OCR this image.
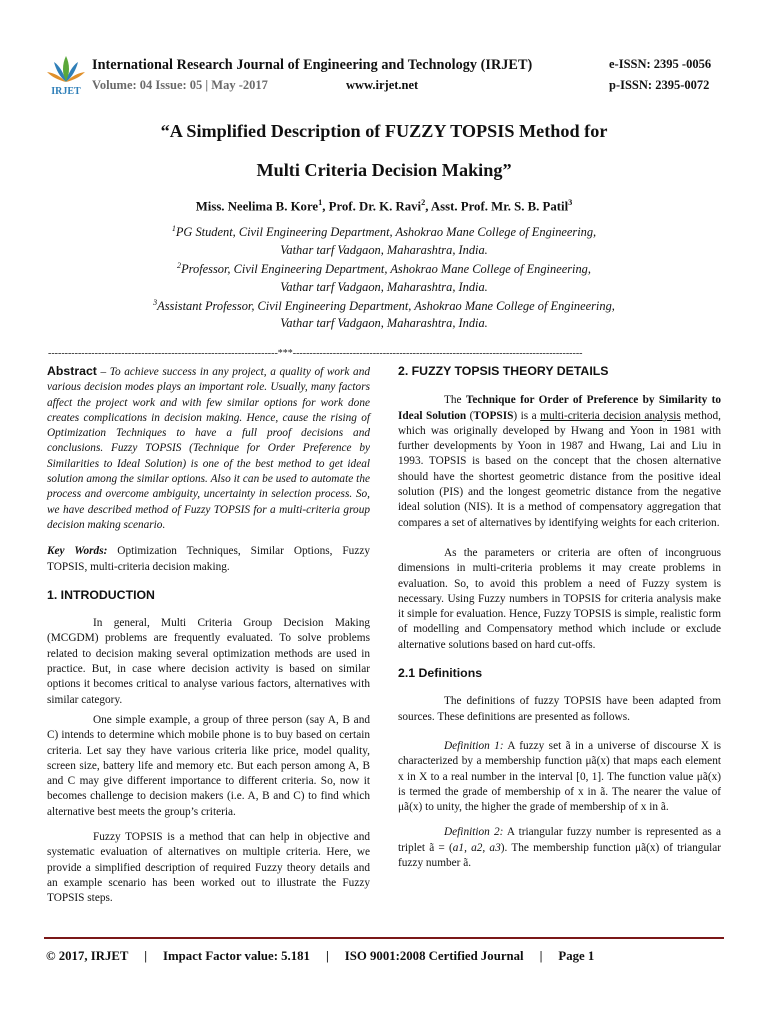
IRJET
International Research Journal of Engineering and Technology (IRJET)
Volume: 04 Issue: 05 | May -2017	www.irjet.net
e-ISSN: 2395 -0056
p-ISSN: 2395-0072
“A Simplified Description of FUZZY TOPSIS Method for
Multi Criteria Decision Making”
Miss. Neelima B. Kore$^1$, Prof. Dr. K. Ravi$^2$, Asst. Prof. Mr. S. B. Patil$^3$
$^1$PG Student, Civil Engineering Department, Ashokrao Mane College of Engineering,
Vathar tarf Vadgaon, Maharashtra, India.
$^2$Professor, Civil Engineering Department, Ashokrao Mane College of Engineering,
Vathar tarf Vadgaon, Maharashtra, India.
$^3$Assistant Professor, Civil Engineering Department, Ashokrao Mane College of Engineering,
Vathar tarf Vadgaon, Maharashtra, India.
---------------------------------------------------------------------***---------------------------------------------------------------------------------------

Abstract – To achieve success in any project, a quality of work and various decision modes plays an important role. Usually, many factors affect the project work and with few similar options for work done creates complications in decision making. Hence, cause the rising of Optimization Techniques to have a full proof decisions and conclusions. Fuzzy TOPSIS (Technique for Order Preference by Similarities to Ideal Solution) is one of the best method to get ideal solution among the similar options. Also it can be used to automate the process and overcome ambiguity, uncertainty in selection process. So, we have described method of Fuzzy TOPSIS for a multi-criteria group decision making scenario.

Key Words: Optimization Techniques, Similar Options, Fuzzy TOPSIS, multi-criteria decision making.

1. INTRODUCTION

In general, Multi Criteria Group Decision Making (MCGDM) problems are frequently evaluated. To solve problems related to decision making several optimization methods are used in practice. But, in case where decision activity is based on similar options it becomes critical to analyse various factors, alternatives with similar category.

One simple example, a group of three person (say A, B and C) intends to determine which mobile phone is to buy based on certain criteria. Let say they have various criteria like price, model quality, screen size, battery life and memory etc. But each person among A, B and C may give different importance to different criteria. So, now it becomes challenge to decision makers (i.e. A, B and C) to find which alternative best meets the group’s criteria.

Fuzzy TOPSIS is a method that can help in objective and systematic evaluation of alternatives on multiple criteria. Here, we provide a simplified description of required Fuzzy theory details and an example scenario has been worked out to illustrate the Fuzzy TOPSIS steps.

2. FUZZY TOPSIS THEORY DETAILS

The Technique for Order of Preference by Similarity to Ideal Solution (TOPSIS) is a multi-criteria decision analysis method, which was originally developed by Hwang and Yoon in 1981 with further developments by Yoon in 1987 and Hwang, Lai and Liu in 1993. TOPSIS is based on the concept that the chosen alternative should have the shortest geometric distance from the positive ideal solution (PIS) and the longest geometric distance from the negative ideal solution (NIS). It is a method of compensatory aggregation that compares a set of alternatives by identifying weights for each criterion.

As the parameters or criteria are often of incongruous dimensions in multi-criteria problems it may create problems in evaluation. So, to avoid this problem a need of Fuzzy system is necessary. Using Fuzzy numbers in TOPSIS for criteria analysis make it simple for evaluation. Hence, Fuzzy TOPSIS is simple, realistic form of modelling and Compensatory method which include or exclude alternative solutions based on hard cut-offs.

2.1 Definitions

The definitions of fuzzy TOPSIS have been adapted from sources. These definitions are presented as follows.

Definition 1: A fuzzy set ã in a universe of discourse X is characterized by a membership function μã(x) that maps each element x in X to a real number in the interval [0, 1]. The function value μã(x) is termed the grade of membership of x in ã. The nearer the value of μã(x) to unity, the higher the grade of membership of x in ã.

Definition 2: A triangular fuzzy number is represented as a triplet ã = (a1, a2, a3). The membership function μã(x) of triangular fuzzy number ã.

© 2017, IRJET | Impact Factor value: 5.181 | ISO 9001:2008 Certified Journal | Page 1
